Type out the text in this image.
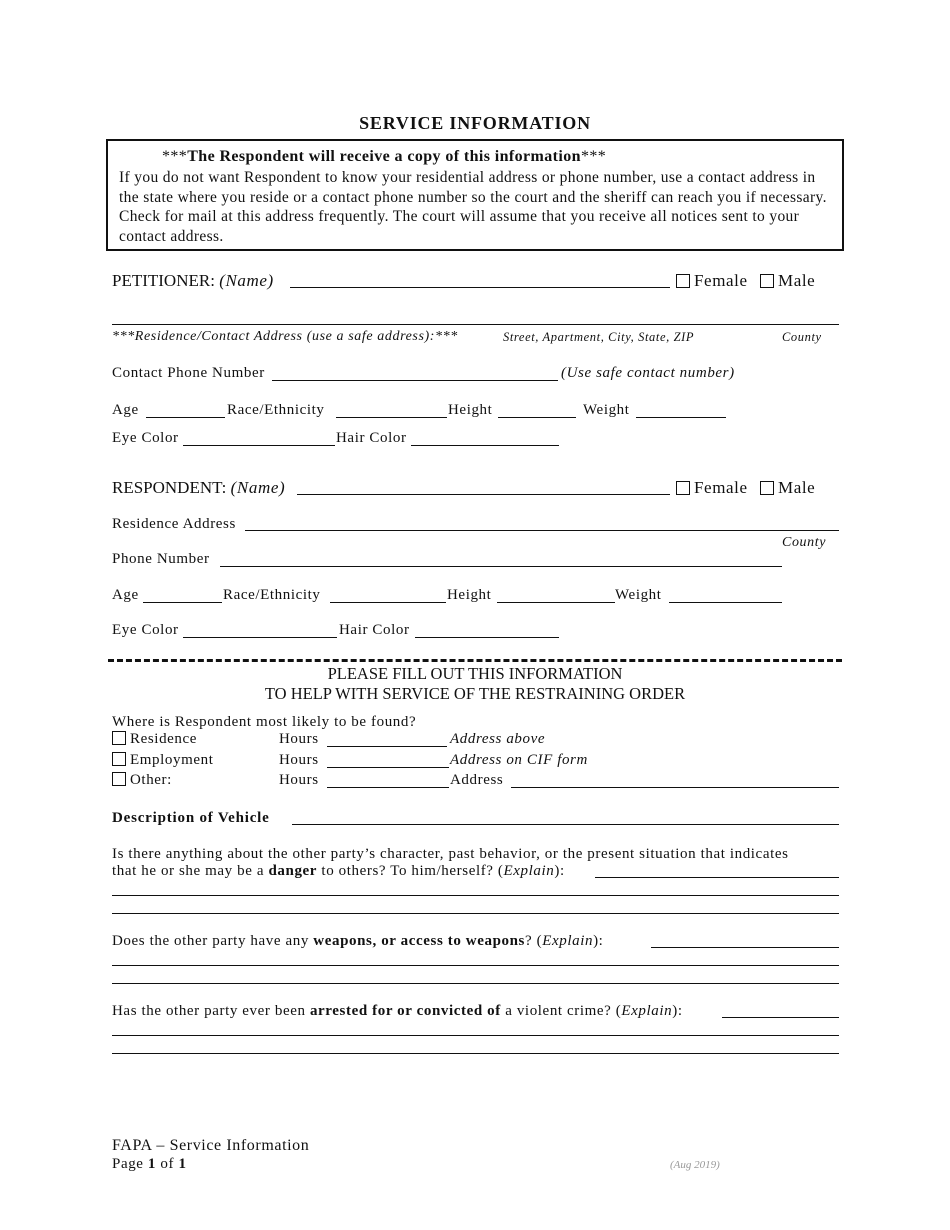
SERVICE INFORMATION
***The Respondent will receive a copy of this information***
If you do not want Respondent to know your residential address or phone number, use a contact address in the state where you reside or a contact phone number so the court and the sheriff can reach you if necessary. Check for mail at this address frequently. The court will assume that you receive all notices sent to your contact address.
PETITIONER: (Name)	Female	Male
***Residence/Contact Address (use a safe address):***	Street, Apartment, City, State, ZIP	County
Contact Phone Number	(Use safe contact number)
Age	Race/Ethnicity	Height	Weight
Eye Color	Hair Color
RESPONDENT: (Name)	Female	Male
Residence Address
County
Phone Number
Age	Race/Ethnicity	Height	Weight
Eye Color	Hair Color
PLEASE FILL OUT THIS INFORMATION
TO HELP WITH SERVICE OF THE RESTRAINING ORDER
Where is Respondent most likely to be found?
Residence	Hours	Address above
Employment	Hours	Address on CIF form
Other:	Hours	Address
Description of Vehicle
Is there anything about the other party’s character, past behavior, or the present situation that indicates
that he or she may be a danger to others? To him/herself? (Explain):
Does the other party have any weapons, or access to weapons? (Explain):
Has the other party ever been arrested for or convicted of a violent crime? (Explain):
FAPA – Service Information
Page 1 of 1	(Aug 2019)
